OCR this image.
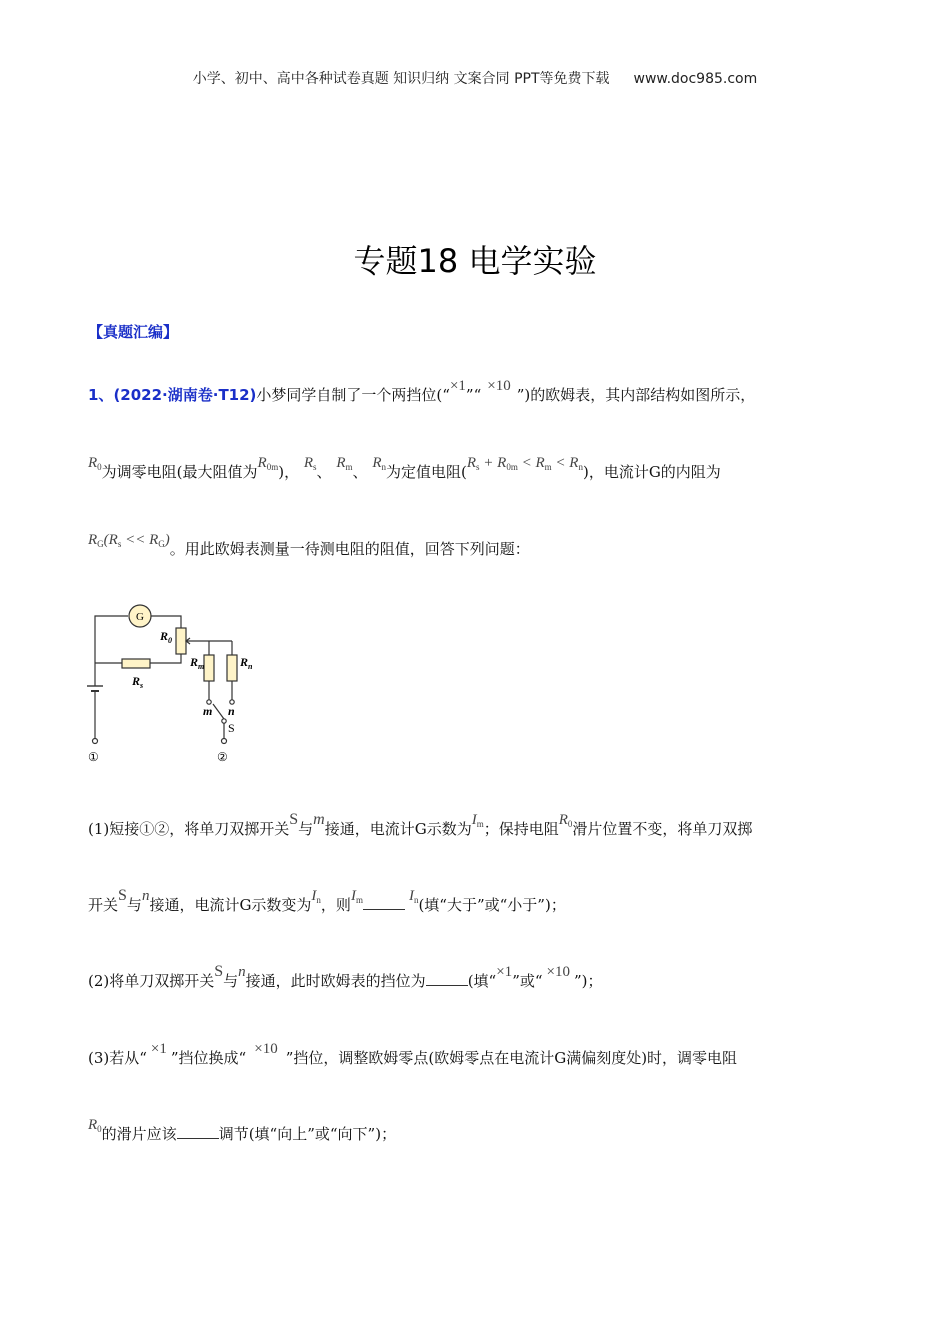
小学、初中、高中各种试卷真题 知识归纳 文案合同 PPT等免费下载 www.doc985.com
专题18 电学实验
【真题汇编】
1、(2022·湖南卷·T12)小梦同学自制了一个两挡位(“×1”“ ×10 ”)的欧姆表，其内部结构如图所示，
$R_0$为调零电阻(最大阻值为$R_{0m}$)， $R_s$、 $R_m$、 $R_n$为定值电阻$(R_s + R_{0m} < R_m < R_n)$，电流计G的内阻为
$R_G(R_s << R_G)$。用此欧姆表测量一待测电阻的阻值，回答下列问题：
G
$R_0$
$R_s$
$R_m$	$R_n$
m n
S
①	②
(1)短接①②，将单刀双掷开关S与m接通，电流计G示数为$I_m$；保持电阻$R_0$滑片位置不变，将单刀双掷
开关S与n接通，电流计G示数变为$I_n$，则$I_m$	$I_n$(填“大于”或“小于”)；
(2)将单刀双掷开关S与n接通，此时欧姆表的挡位为	(填“×1”或“ ×10 ”)；
(3)若从“ ×1 ”挡位换成“ ×10 ”挡位，调整欧姆零点(欧姆零点在电流计G满偏刻度处)时，调零电阻
$R_0$的滑片应该	调节(填“向上”或“向下”)；
